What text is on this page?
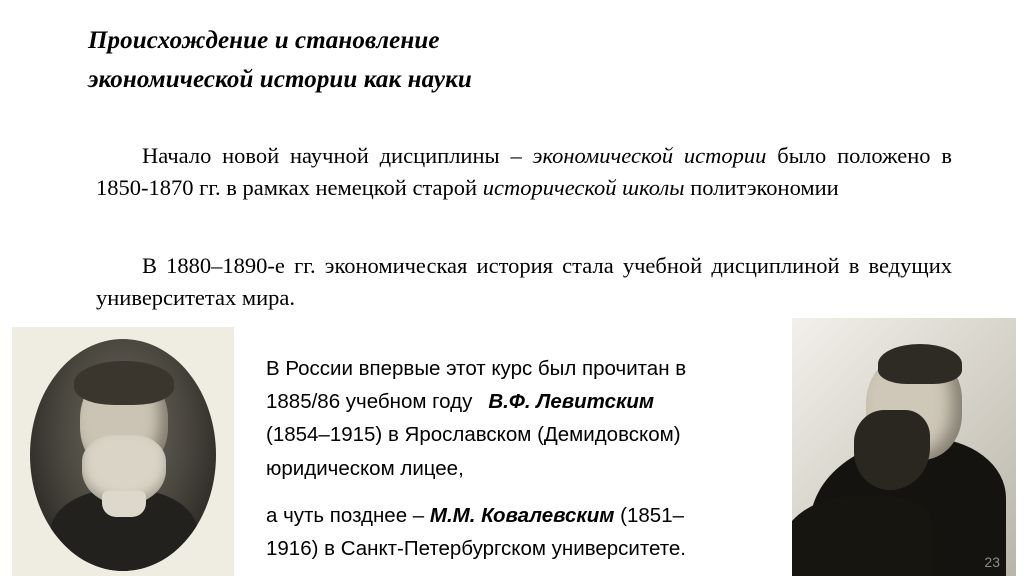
Происхождение и становление
экономической истории как науки
Начало новой научной дисциплины – экономической истории было положено в 1850-1870 гг. в рамках немецкой старой исторической школы политэкономии
В 1880–1890-е гг. экономическая история стала учебной дисциплиной в ведущих университетах мира.
23
В России впервые этот курс был прочитан в
1885/86 учебном году В.Ф. Левитским
(1854–1915) в Ярославском (Демидовском)
юридическом лицее,
а чуть позднее – М.М. Ковалевским (1851–
1916) в Санкт-Петербургском университете.
